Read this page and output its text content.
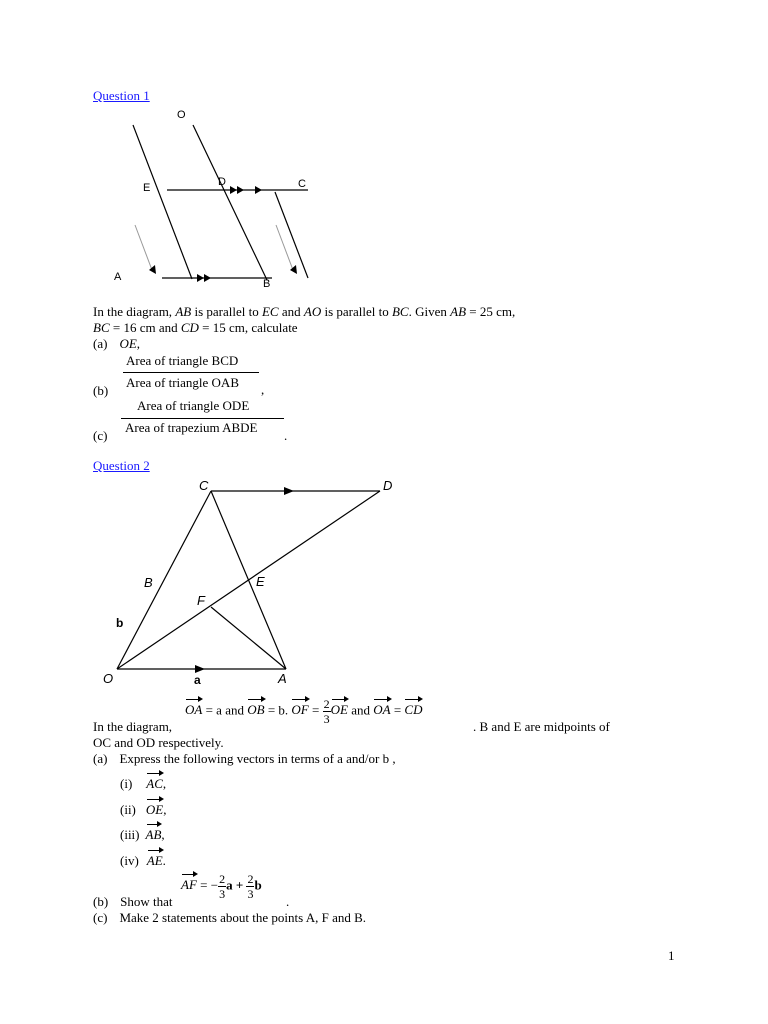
Question 1
O
E	D	C
A
B
In the diagram, AB is parallel to EC and AO is parallel to BC. Given AB = 25 cm,
BC = 16 cm and CD = 15 cm, calculate
(a) OE,
(b)
Area of triangle BCD
Area of triangle OAB ,
(c)
Area of triangle ODE
Area of trapezium ABDE
.
Question 2
C	D
B	E
F
O	A
b
a
OA = a and OB = b. OF = $\frac{2}{3}$ OE and OA = CD
In the diagram,	. B and E are midpoints of
OC and OD respectively.
(a) Express the following vectors in terms of a and/or b ,
(i) AC,
(ii) OE,
(iii) AB,
(iv) AE.
AF = − $\frac{2}{3}$ $a + \frac{2}{3}$ b
(b) Show that	.
(c) Make 2 statements about the points A, F and B.
1
